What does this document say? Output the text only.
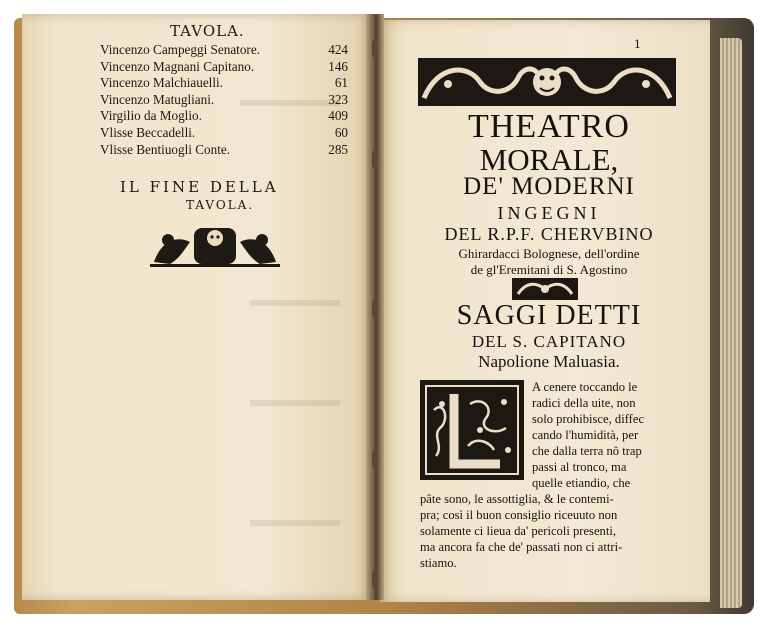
TAVOLA.
Vincenzo Campeggi Senatore.	424
Vincenzo Magnani Capitano.	146
Vincenzo Malchiauelli.	61
Vincenzo Matugliani.	323
Virgilio da Moglio.	409
Vlisse Beccadelli.	60
Vlisse Bentiuogli Conte.	285
IL FINE DELLA
TAVOLA.
1
THEATRO
MORALE,
DE' MODERNI
INGEGNI
DEL R.P.F. CHERVBINO
Ghirardacci Bolognese, dell'ordine
de gl'Eremitani di S. Agostino
SAGGI DETTI
DEL S. CAPITANO
Napolione Maluasia.
A cenere toccando le
radici della uite, non
solo prohibisce, diffec
cando l'humidità, per
che dalla terra nô trap
passi al tronco, ma
quelle etiandio, che
pâte sono, le assottiglia, & le contemi-
pra; così il buon consiglio riceuuto non
solamente ci lieua da' pericoli presenti,
ma ancora fa che de' passati non ci attri-
stiamo.
